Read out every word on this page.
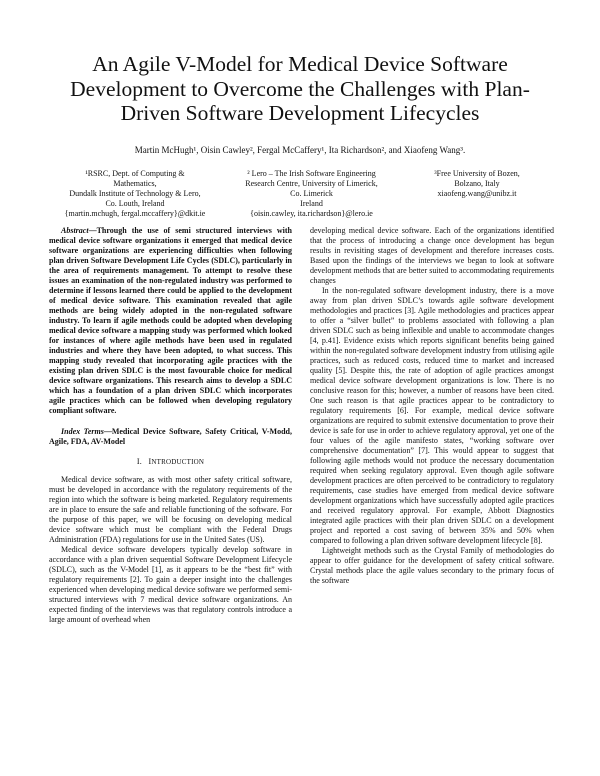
An Agile V-Model for Medical Device Software
Development to Overcome the Challenges with Plan-
Driven Software Development Lifecycles

Martin McHugh¹, Oisin Cawley², Fergal McCaffery¹, Ita Richardson², and Xiaofeng Wang³.

¹RSRC, Dept. of Computing &
Mathematics,
Dundalk Institute of Technology & Lero,
Co. Louth, Ireland
{martin.mchugh, fergal.mccaffery}@dkit.ie
² Lero – The Irish Software Engineering
Research Centre, University of Limerick,
Co. Limerick
Ireland
{oisin.cawley, ita.richardson}@lero.ie
³Free University of Bozen,
Bolzano, Italy
xiaofeng.wang@unibz.it

Abstract—Through the use of semi structured interviews with medical device software organizations it emerged that medical device software organizations are experiencing difficulties when following plan driven Software Development Life Cycles (SDLC), particularly in the area of requirements management. To attempt to resolve these issues an examination of the non-regulated industry was performed to determine if lessons learned there could be applied to the development of medical device software. This examination revealed that agile methods are being widely adopted in the non-regulated software industry. To learn if agile methods could be adopted when developing medical device software a mapping study was performed which looked for instances of where agile methods have been used in regulated industries and where they have been adopted, to what success. This mapping study revealed that incorporating agile practices with the existing plan driven SDLC is the most favourable choice for medical device software organizations. This research aims to develop a SDLC which has a foundation of a plan driven SDLC which incorporates agile practices which can be followed when developing regulatory compliant software.

Index Terms—Medical Device Software, Safety Critical, V-Modd, Agile, FDA, AV-Model

I. INTRODUCTION

Medical device software, as with most other safety critical software, must be developed in accordance with the regulatory requirements of the region into which the software is being marketed. Regulatory requirements are in place to ensure the safe and reliable functioning of the software. For the purpose of this paper, we will be focusing on developing medical device software which must be compliant with the Federal Drugs Administration (FDA) regulations for use in the United Sates (US).

Medical device software developers typically develop software in accordance with a plan driven sequential Software Development Lifecycle (SDLC), such as the V-Model [1], as it appears to be the “best fit” with regulatory requirements [2]. To gain a deeper insight into the challenges experienced when developing medical device software we performed semi-structured interviews with 7 medical device software organizations. An expected finding of the interviews was that regulatory controls introduce a large amount of overhead when

developing medical device software. Each of the organizations identified that the process of introducing a change once development has begun results in revisiting stages of development and therefore increases costs. Based upon the findings of the interviews we began to look at software development methods that are better suited to accommodating requirements changes

In the non-regulated software development industry, there is a move away from plan driven SDLC’s towards agile software development methodologies and practices [3]. Agile methodologies and practices appear to offer a “silver bullet” to problems associated with following a plan driven SDLC such as being inflexible and unable to accommodate changes [4, p.41]. Evidence exists which reports significant benefits being gained within the non-regulated software development industry from utilising agile practices, such as reduced costs, reduced time to market and increased quality [5]. Despite this, the rate of adoption of agile practices amongst medical device software development organizations is low. There is no conclusive reason for this; however, a number of reasons have been cited. One such reason is that agile practices appear to be contradictory to regulatory requirements [6]. For example, medical device software organizations are required to submit extensive documentation to prove their device is safe for use in order to achieve regulatory approval, yet one of the four values of the agile manifesto states, “working software over comprehensive documentation” [7]. This would appear to suggest that following agile methods would not produce the necessary documentation required when seeking regulatory approval. Even though agile software development practices are often perceived to be contradictory to regulatory requirements, case studies have emerged from medical device software development organizations which have successfully adopted agile practices and received regulatory approval. For example, Abbott Diagnostics integrated agile practices with their plan driven SDLC on a development project and reported a cost saving of between 35% and 50% when compared to following a plan driven software development lifecycle [8].

Lightweight methods such as the Crystal Family of methodologies do appear to offer guidance for the development of safety critical software. Crystal methods place the agile values secondary to the primary focus of the software
